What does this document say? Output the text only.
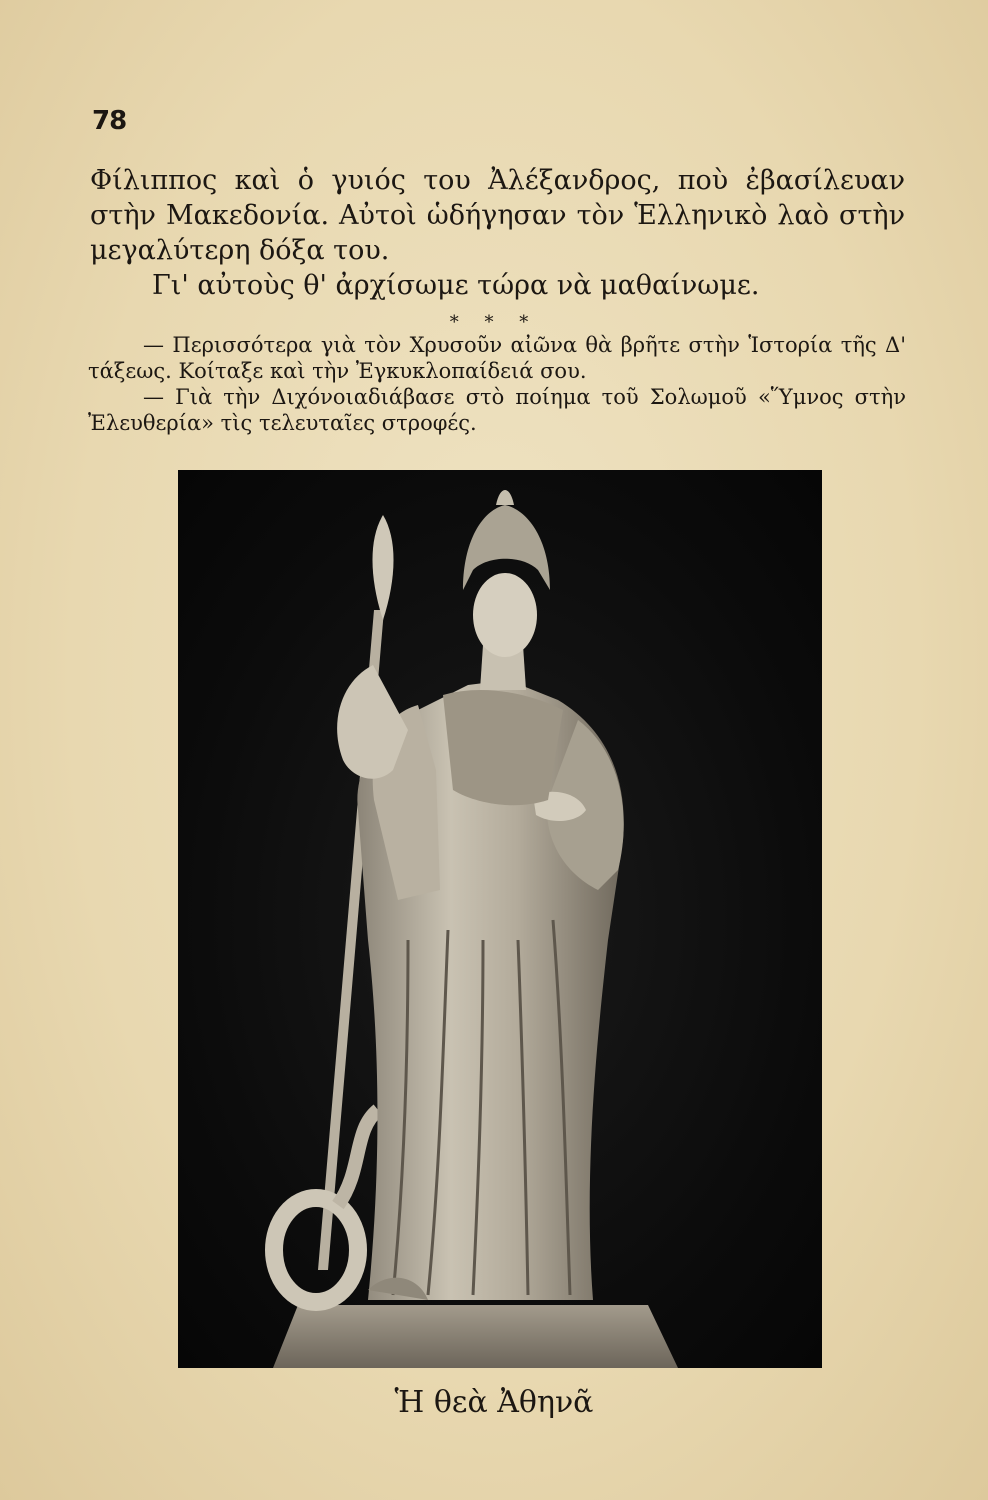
78

Φίλιππος καὶ ὁ γυιός του Ἀλέξανδρος, ποὺ ἐβασίλευαν στὴν Μακεδονία. Αὐτοὶ ὡδήγησαν τὸν Ἑλληνικὸ λαὸ στὴν μεγαλύτερη δόξα του.

Γι' αὐτοὺς θ' ἀρχίσωμε τώρα νὰ μαθαίνωμε.

* * *

— Περισσότερα γιὰ τὸν Χρυσοῦν αἰῶνα θὰ βρῆτε στὴν Ἱστορία τῆς Δ' τάξεως. Κοίταξε καὶ τὴν Ἐγκυκλοπαίδειά σου.

— Γιὰ τὴν Διχόνοιαδιάβασε στὸ ποίημα τοῦ Σολωμοῦ «Ὕμνος στὴν Ἐλευθερία» τὶς τελευταῖες στροφές.

Ἡ θεὰ Ἀθηνᾶ
